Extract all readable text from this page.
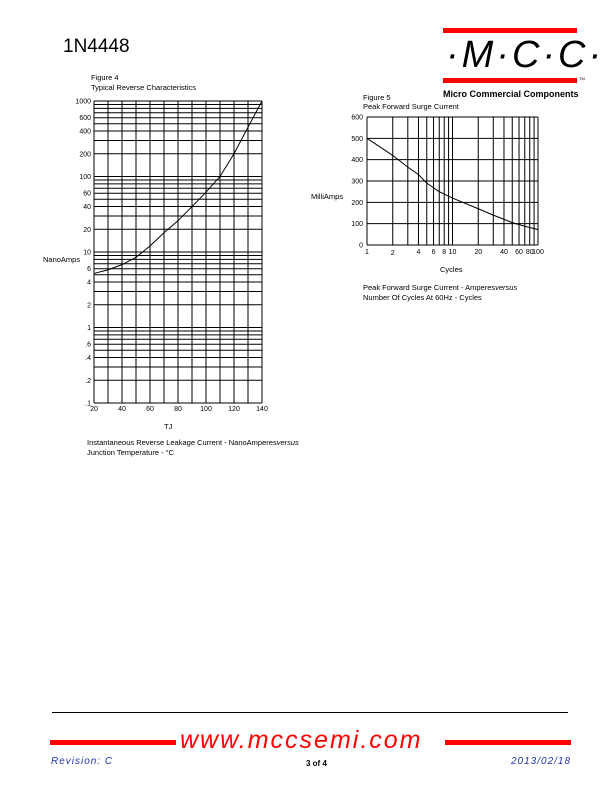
1N4448	·M·C·C·
TM
Micro Commercial Components
Figure 4
Typical Reverse Characteristics
NanoAmps
TJ
Instantaneous Reverse Leakage Current - NanoAmperesversus
Junction Temperature - °C
Figure 5
Peak Forward Surge Current
MilliAmps
Cycles
Peak Forward Surge Current - Amperesversus
Number Of Cycles At 60Hz - Cycles
1000
600
400
200
100
60
40
20
10
6
4
2
1
.6
.4
.2
.1
20	40	60	80	100 120 140
0
100
200
300
400
500
600
1	2	4 6 8 10	20	40 60 80
100
www.mccsemi.com
Revision: C	3 of 4	2013/02/18
